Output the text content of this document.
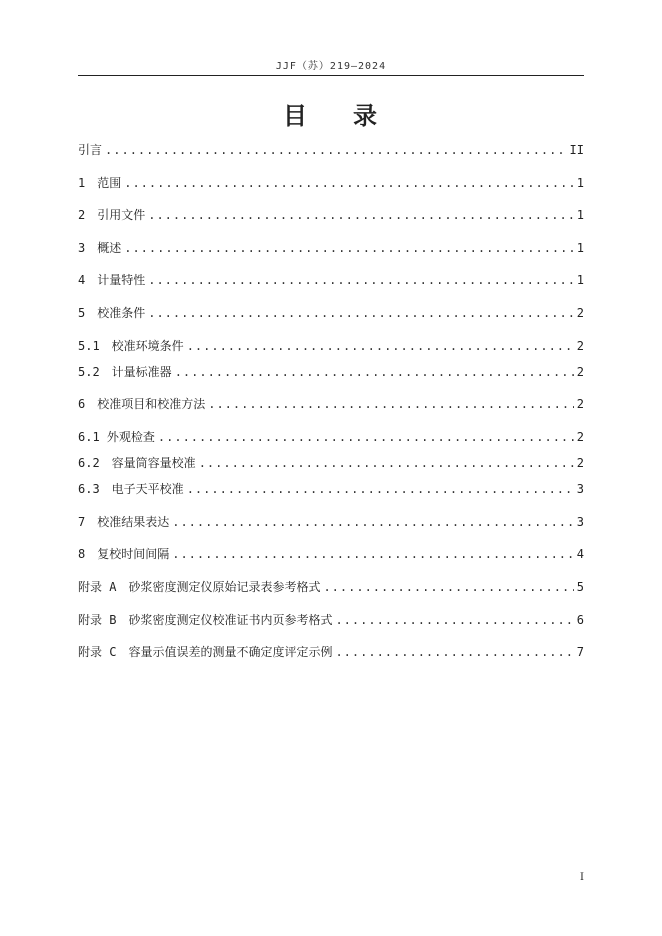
JJF（苏）219—2024
目 录
引言 .....	II
1　范围 .....	1
2　引用文件 .....	1
3　概述 .....	1
4　计量特性 .....	1
5　校准条件 .....	2
5.1　校准环境条件 .....	2
5.2　计量标准器 .....	2
6　校准项目和校准方法 .....	2
6.1 外观检查 .....	2
6.2　容量筒容量校准 .....	2
6.3　电子天平校准 .....	3
7　校准结果表达 .....	3
8　复校时间间隔 .....	4
附录 A　砂浆密度测定仪原始记录表参考格式 .....	5
附录 B　砂浆密度测定仪校准证书内页参考格式 .....	6
附录 C　容量示值误差的测量不确定度评定示例 .....	7
I
